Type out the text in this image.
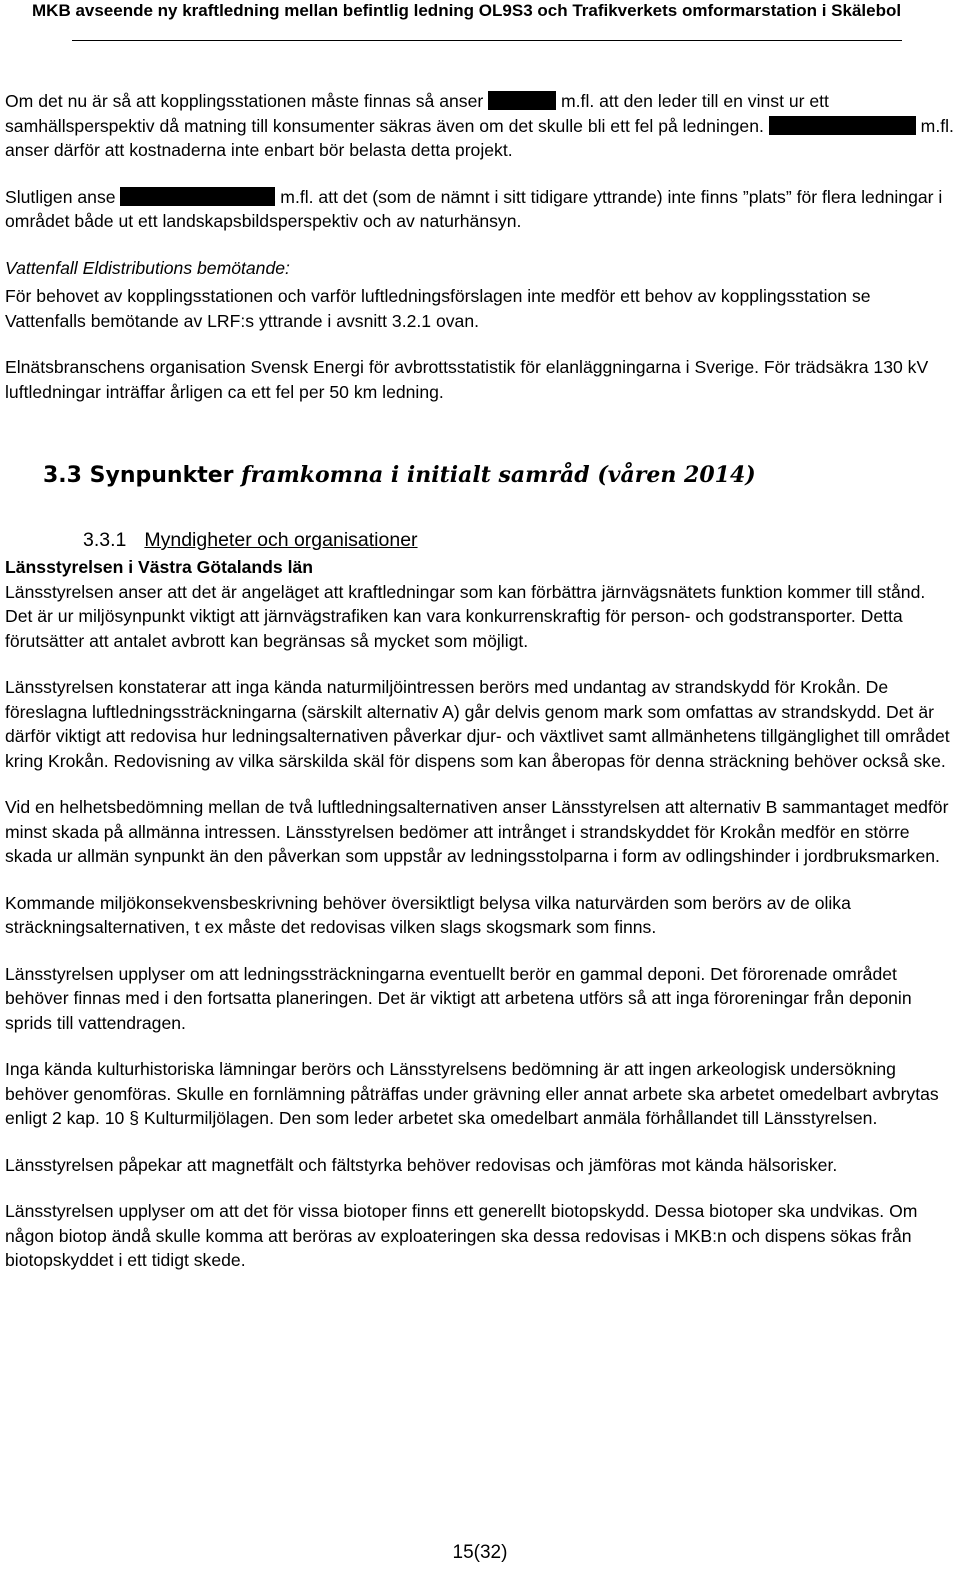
MKB avseende ny kraftledning mellan befintlig ledning OL9S3 och Trafikverkets omformarstation i Skälebol

Om det nu är så att kopplingsstationen måste finnas så anser	m.fl. att den leder till en vinst ur ett samhällsperspektiv då matning till konsumenter säkras även om det skulle bli ett fel på ledningen.	m.fl. anser därför att kostnaderna inte enbart bör belasta detta projekt.

Slutligen anse	m.fl. att det (som de nämnt i sitt tidigare yttrande) inte finns ”plats” för flera ledningar i området både ut ett landskapsbildsperspektiv och av naturhänsyn.

Vattenfall Eldistributions bemötande:

För behovet av kopplingsstationen och varför luftledningsförslagen inte medför ett behov av kopplingsstation se Vattenfalls bemötande av LRF:s yttrande i avsnitt 3.2.1 ovan.

Elnätsbranschens organisation Svensk Energi för avbrottsstatistik för elanläggningarna i Sverige. För trädsäkra 130 kV luftledningar inträffar årligen ca ett fel per 50 km ledning.

3.3 Synpunkter framkomna i initialt samråd (våren 2014)
3.3.1 Myndigheter och organisationer

Länsstyrelsen i Västra Götalands län

Länsstyrelsen anser att det är angeläget att kraftledningar som kan förbättra järnvägsnätets funktion kommer till stånd. Det är ur miljösynpunkt viktigt att järnvägstrafiken kan vara konkurrenskraftig för person- och godstransporter. Detta förutsätter att antalet avbrott kan begränsas så mycket som möjligt.

Länsstyrelsen konstaterar att inga kända naturmiljöintressen berörs med undantag av strandskydd för Krokån. De föreslagna luftledningssträckningarna (särskilt alternativ A) går delvis genom mark som omfattas av strandskydd. Det är därför viktigt att redovisa hur ledningsalternativen påverkar djur- och växtlivet samt allmänhetens tillgänglighet till området kring Krokån. Redovisning av vilka särskilda skäl för dispens som kan åberopas för denna sträckning behöver också ske.

Vid en helhetsbedömning mellan de två luftledningsalternativen anser Länsstyrelsen att alternativ B sammantaget medför minst skada på allmänna intressen. Länsstyrelsen bedömer att intrånget i strandskyddet för Krokån medför en större skada ur allmän synpunkt än den påverkan som uppstår av ledningsstolparna i form av odlingshinder i jordbruksmarken.

Kommande miljökonsekvensbeskrivning behöver översiktligt belysa vilka naturvärden som berörs av de olika sträckningsalternativen, t ex måste det redovisas vilken slags skogsmark som finns.

Länsstyrelsen upplyser om att ledningssträckningarna eventuellt berör en gammal deponi. Det förorenade området behöver finnas med i den fortsatta planeringen. Det är viktigt att arbetena utförs så att inga föroreningar från deponin sprids till vattendragen.

Inga kända kulturhistoriska lämningar berörs och Länsstyrelsens bedömning är att ingen arkeologisk undersökning behöver genomföras. Skulle en fornlämning påträffas under grävning eller annat arbete ska arbetet omedelbart avbrytas enligt 2 kap. 10 § Kulturmiljölagen. Den som leder arbetet ska omedelbart anmäla förhållandet till Länsstyrelsen.

Länsstyrelsen påpekar att magnetfält och fältstyrka behöver redovisas och jämföras mot kända hälsorisker.

Länsstyrelsen upplyser om att det för vissa biotoper finns ett generellt biotopskydd. Dessa biotoper ska undvikas. Om någon biotop ändå skulle komma att beröras av exploateringen ska dessa redovisas i MKB:n och dispens sökas från biotopskyddet i ett tidigt skede.

15(32)
